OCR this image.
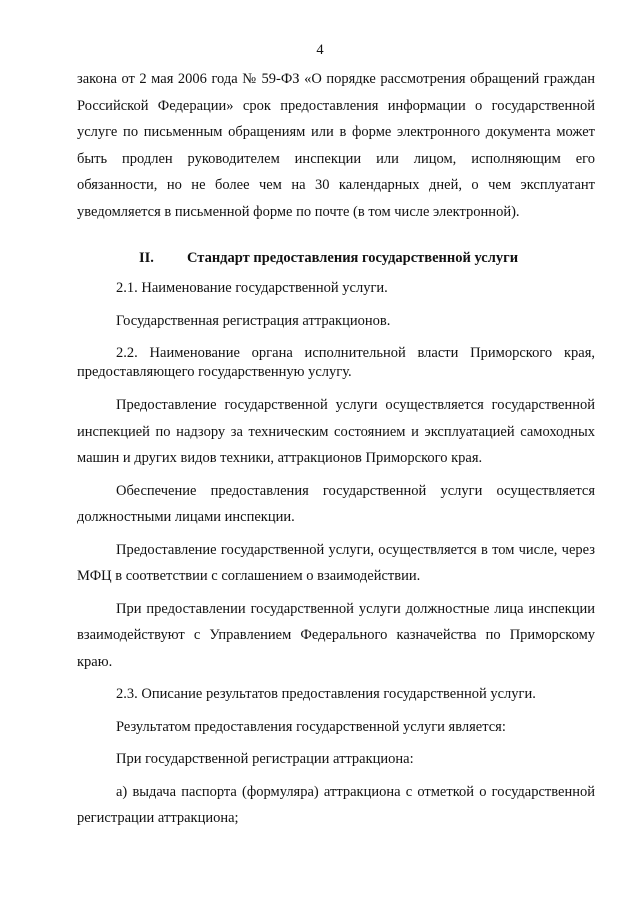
4

закона от 2 мая 2006 года № 59-ФЗ «О порядке рассмотрения обращений граждан Российской Федерации» срок предоставления информации о государственной услуге по письменным обращениям или в форме электронного документа может быть продлен руководителем инспекции или лицом, исполняющим его обязанности, но не более чем на 30 календарных дней, о чем эксплуатант уведомляется в письменной форме по почте (в том числе электронной).

II. Стандарт предоставления государственной услуги

2.1. Наименование государственной услуги.

Государственная регистрация аттракционов.

2.2. Наименование органа исполнительной власти Приморского края, предоставляющего государственную услугу.

Предоставление государственной услуги осуществляется государственной инспекцией по надзору за техническим состоянием и эксплуатацией самоходных машин и других видов техники, аттракционов Приморского края.

Обеспечение предоставления государственной услуги осуществляется должностными лицами инспекции.

Предоставление государственной услуги, осуществляется в том числе, через МФЦ в соответствии с соглашением о взаимодействии.

При предоставлении государственной услуги должностные лица инспекции взаимодействуют с Управлением Федерального казначейства по Приморскому краю.

2.3. Описание результатов предоставления государственной услуги.

Результатом предоставления государственной услуги является:

При государственной регистрации аттракциона:

а) выдача паспорта (формуляра) аттракциона с отметкой о государственной регистрации аттракциона;
